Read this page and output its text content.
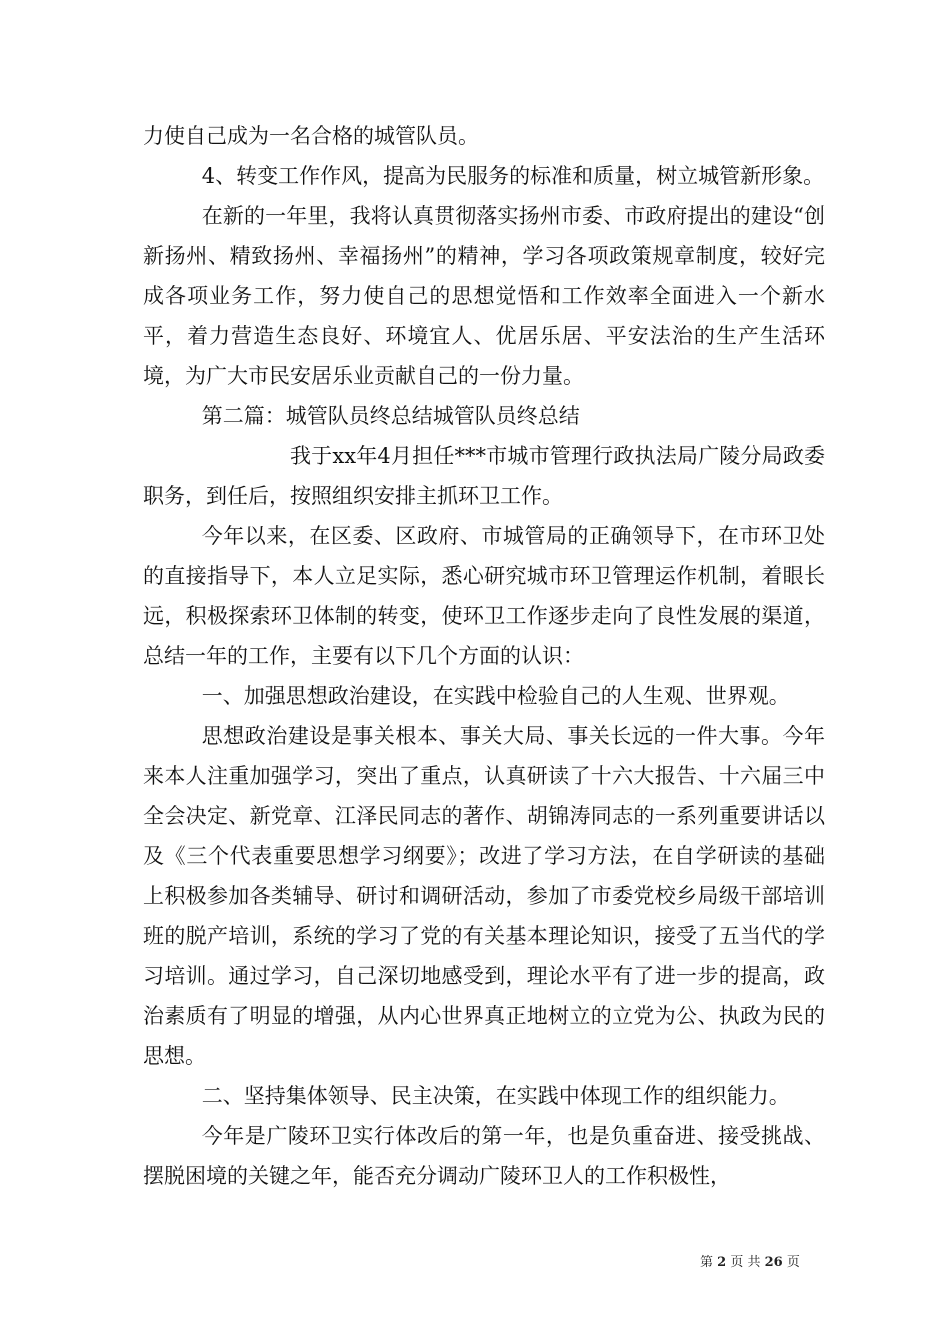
力使自己成为一名合格的城管队员。

4、转变工作作风，提高为民服务的标准和质量，树立城管新形象。

在新的一年里，我将认真贯彻落实扬州市委、市政府提出的建设“创新扬州、精致扬州、幸福扬州”的精神，学习各项政策规章制度，较好完成各项业务工作，努力使自己的思想觉悟和工作效率全面进入一个新水平，着力营造生态良好、环境宜人、优居乐居、平安法治的生产生活环境，为广大市民安居乐业贡献自己的一份力量。

第二篇：城管队员终总结城管队员终总结

我于xx年4月担任***市城市管理行政执法局广陵分局政委职务，到任后，按照组织安排主抓环卫工作。

今年以来，在区委、区政府、市城管局的正确领导下，在市环卫处的直接指导下，本人立足实际，悉心研究城市环卫管理运作机制，着眼长远，积极探索环卫体制的转变，使环卫工作逐步走向了良性发展的渠道，总结一年的工作，主要有以下几个方面的认识：

一、加强思想政治建设，在实践中检验自己的人生观、世界观。

思想政治建设是事关根本、事关大局、事关长远的一件大事。今年来本人注重加强学习，突出了重点，认真研读了十六大报告、十六届三中全会决定、新党章、江泽民同志的著作、胡锦涛同志的一系列重要讲话以及《三个代表重要思想学习纲要》；改进了学习方法，在自学研读的基础上积极参加各类辅导、研讨和调研活动，参加了市委党校乡局级干部培训班的脱产培训，系统的学习了党的有关基本理论知识，接受了五当代的学习培训。通过学习，自己深切地感受到，理论水平有了进一步的提高，政治素质有了明显的增强，从内心世界真正地树立的立党为公、执政为民的思想。

二、坚持集体领导、民主决策，在实践中体现工作的组织能力。

今年是广陵环卫实行体改后的第一年，也是负重奋进、接受挑战、摆脱困境的关键之年，能否充分调动广陵环卫人的工作积极性，

第 2 页 共 26 页
